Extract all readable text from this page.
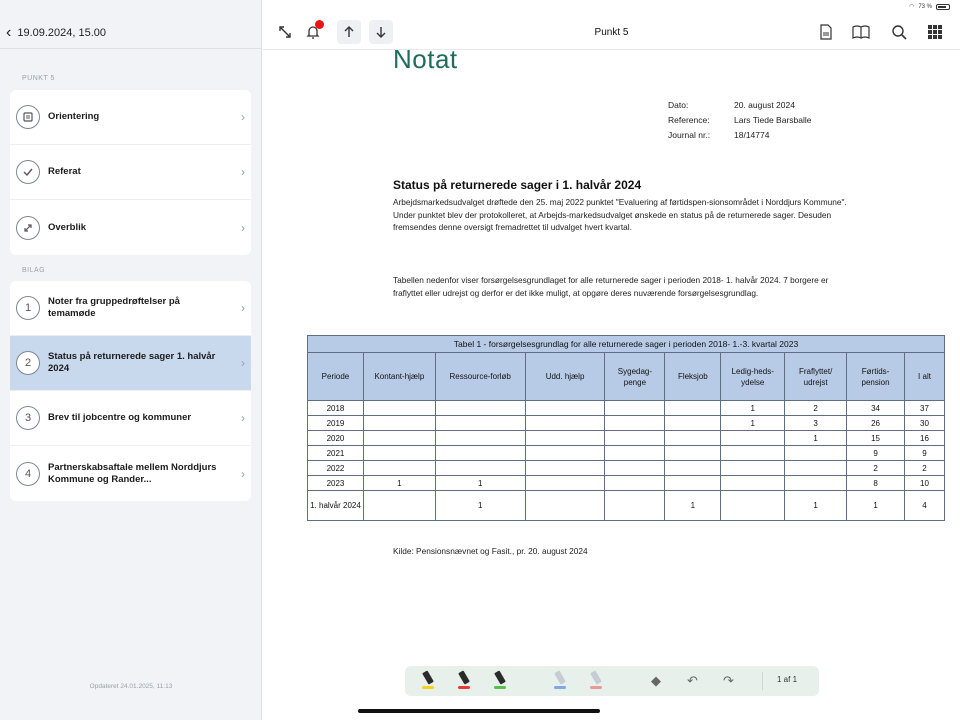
◠ 73 %
‹ 19.09.2024, 15.00
PUNKT 5
Orientering	›
Referat	›
Overblik	›
BILAG
1
Noter fra gruppedrøftelser på temamøde	›
2
Status på returnerede sager 1. halvår 2024	›
3	Brev til jobcentre og kommuner	›
4
Partnerskabsaftale mellem Norddjurs Kommune og Rander...	›
Opdateret 24.01.2025, 11:13
Punkt 5
Notat
Dato:	20. august 2024
Reference:	Lars Tiede Barsballe
Journal nr.:	18/14774
Status på returnerede sager i 1. halvår 2024
Arbejdsmarkedsudvalget drøftede den 25. maj 2022 punktet "Evaluering af førtidspen-sionsområdet i Norddjurs Kommune". Under punktet blev der protokolleret, at Arbejds-markedsudvalget ønskede en status på de returnerede sager. Desuden fremsendes denne oversigt fremadrettet til udvalget hvert kvartal.
Tabellen nedenfor viser forsørgelsesgrundlaget for alle returnerede sager i perioden 2018- 1. halvår 2024. 7 borgere er fraflyttet eller udrejst og derfor er det ikke muligt, at opgøre deres nuværende forsørgelsesgrundlag.
Tabel 1 - forsørgelsesgrundlag for alle returnerede sager i perioden 2018- 1.-3. kvartal 2023									
Periode	Kontant-hjælp	Ressource-forløb	Udd. hjælp	Sygedag-penge	Fleksjob	Ledig-heds-ydelse	Fraflyttet/ udrejst	Førtids-pension	I alt
2018						1	2	34	37
2019						1	3	26	30
2020							1	15	16
2021								9	9
2022								2	2
2023	1	1						8	10
1. halvår 2024		1			1		1	1	4
Kilde: Pensionsnævnet og Fasit., pr. 20. august 2024
◆ ↶ ↷	1 af 1
